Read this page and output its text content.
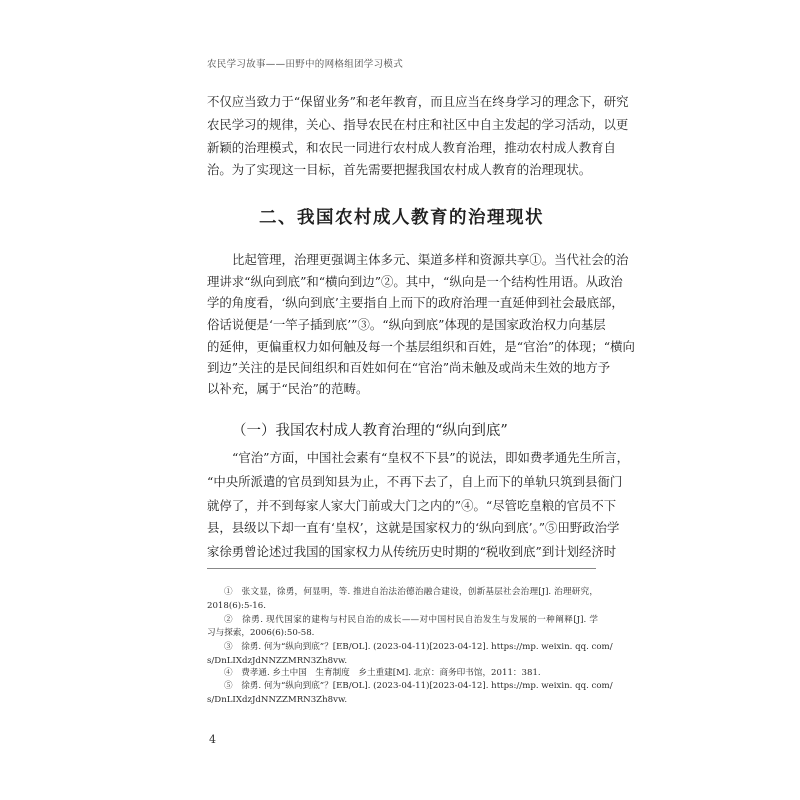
农民学习故事——田野中的网格组团学习模式
不仅应当致力于“保留业务”和老年教育，而且应当在终身学习的理念下，研究
农民学习的规律，关心、指导农民在村庄和社区中自主发起的学习活动，以更
新颖的治理模式，和农民一同进行农村成人教育治理，推动农村成人教育自
治。为了实现这一目标，首先需要把握我国农村成人教育的治理现状。
二、我国农村成人教育的治理现状
比起管理，治理更强调主体多元、渠道多样和资源共享①。当代社会的治
理讲求“纵向到底”和“横向到边”②。其中，“纵向是一个结构性用语。从政治
学的角度看，‘纵向到底’主要指自上而下的政府治理一直延伸到社会最底部，
俗话说便是‘一竿子插到底’”③。“纵向到底”体现的是国家政治权力向基层
的延伸，更偏重权力如何触及每一个基层组织和百姓，是“官治”的体现；“横向
到边”关注的是民间组织和百姓如何在“官治”尚未触及或尚未生效的地方予
以补充，属于“民治”的范畴。
（一）我国农村成人教育治理的“纵向到底”
“官治”方面，中国社会素有“皇权不下县”的说法，即如费孝通先生所言，
“中央所派遣的官员到知县为止，不再下去了，自上而下的单轨只筑到县衙门
就停了，并不到每家人家大门前或大门之内的”④。“尽管吃皇粮的官员不下
县，县级以下却一直有‘皇权’，这就是国家权力的‘纵向到底’。”⑤田野政治学
家徐勇曾论述过我国的国家权力从传统历史时期的“税收到底”到计划经济时
①　张文显，徐勇，何显明，等. 推进自治法治德治融合建设，创新基层社会治理[J]. 治理研究，
2018(6):5-16.
②　徐勇. 现代国家的建构与村民自治的成长——对中国村民自治发生与发展的一种阐释[J]. 学
习与探索，2006(6):50-58.
③　徐勇. 何为“纵向到底”？[EB/OL]. (2023-04-11)[2023-04-12]. https://mp. weixin. qq. com/
s/DnLIXdzJdNNZZMRN3Zh8vw.
④　费孝通. 乡土中国　生育制度　乡土重建[M]. 北京：商务印书馆，2011：381.
⑤　徐勇. 何为“纵向到底”？[EB/OL]. (2023-04-11)[2023-04-12]. https://mp. weixin. qq. com/
s/DnLIXdzJdNNZZMRN3Zh8vw.
4
